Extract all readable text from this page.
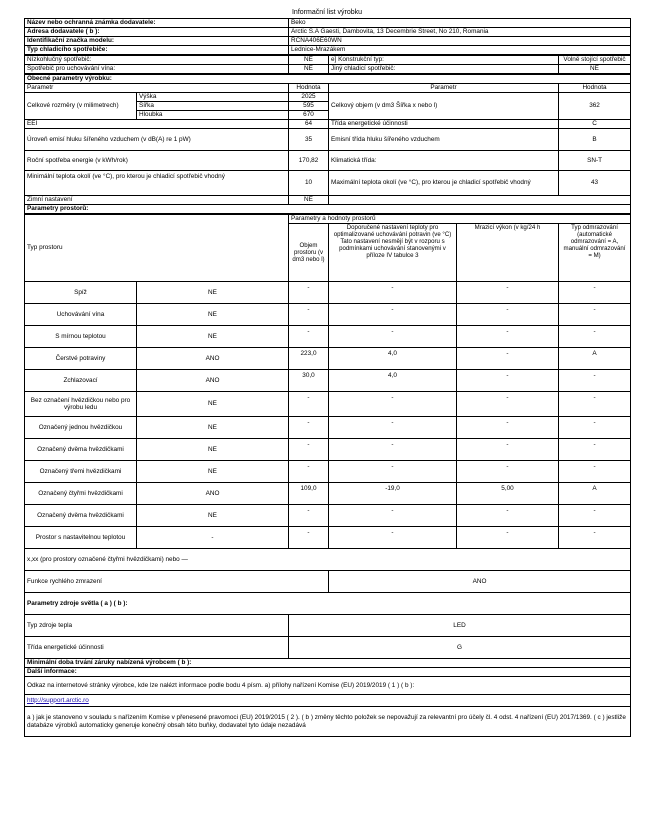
Informační list výrobku
Název nebo ochranná známka dodavatele:	Beko
Adresa dodavatele ( b ):	Arctic S.A Gaesti, Dambovita, 13 Decembrie Street, No 210, Romania
Identifikační značka modelu:	RCNA406E60WN
Typ chladicího spotřebiče:	Lednice-Mrazákem
Nízkohlučný spotřebič:	NE	e] Konstrukční typ:	Volně stojící spotřebič
Spotřebič pro uchovávání vína:	NE	Jiný chladicí spotřebič:	NE
Obecné parametry výrobku:				
Parametr		Hodnota	Parametr	Hodnota
Celkové rozměry (v milimetrech)	Výška	2025	Celkový objem (v dm3 Šířka x nebo l)	362
	Šířka	595		
	Hloubka	670		
EEI		64	Třída energetické účinnosti	C
Úroveň emisí hluku šířeného vzduchem (v dB(A) re 1 pW)		35	Emisní třída hluku šířeného vzduchem	B
Roční spotřeba energie (v kWh/rok)		170,82	Klimatická třída:	SN-T
Minimální teplota okolí (ve °C), pro kterou je chladicí spotřebič vhodný		10	Maximální teplota okolí (ve °C), pro kterou je chladicí spotřebič vhodný	43
Zimní nastavení		NE		
Parametry prostorů:				
Typ prostoru		Parametry a hodnoty prostorů			
		Objem prostoru (v dm3 nebo l)	Doporučené nastavení teploty pro optimalizované uchovávání potravin (ve °C) Tato nastavení nesmějí být v rozporu s podmínkami uchovávání stanovenými v příloze IV tabulce 3	Mrazicí výkon (v kg/24 h	Typ odmrazování (automatické odmrazování = A, manuální odmrazování = M)
Spíž	NE	-	-	-	-
Uchovávání vína	NE	-	-	-	-
S mírnou teplotou	NE	-	-	-	-
Čerstvé potraviny	ANO	223,0	4,0	-	A
Zchlazovací	ANO	30,0	4,0	-	-
Bez označení hvězdičkou nebo pro výrobu ledu	NE	-	-	-	-
Označený jednou hvězdičkou	NE	-	-	-	-
Označený dvěma hvězdičkami	NE	-	-	-	-
Označený třemi hvězdičkami	NE	-	-	-	-
Označený čtyřmi hvězdičkami	ANO	109,0	-19,0	5,00	A
Označený dvěma hvězdičkami	NE	-	-	-	-
Prostor s nastavitelnou teplotou	-	-	-	-	-
x,xx (pro prostory označené čtyřmi hvězdičkami) nebo —					
Funkce rychlého zmrazení			ANO		
Parametry zdroje světla ( a ) ( b ):					
Typ zdroje tepla		LED			
Třída energetické účinnosti		G			
Minimální doba trvání záruky nabízená výrobcem ( b ):					
Další informace:					
Odkaz na internetové stránky výrobce, kde lze nalézt informace podle bodu 4 písm. a) přílohy nařízení Komise (EU) 2019/2019 ( 1 ) ( b ):					
http://support.arctic.ro					
a ) jak je stanoveno v souladu s nařízením Komise v přenesené pravomoci (EU) 2019/2015 ( 2 ). ( b ) změny těchto položek se nepovažují za relevantní pro účely čl. 4 odst. 4 nařízení (EU) 2017/1369. ( c ) jestliže databáze výrobků automaticky generuje konečný obsah této buňky, dodavatel tyto údaje nezadává					
